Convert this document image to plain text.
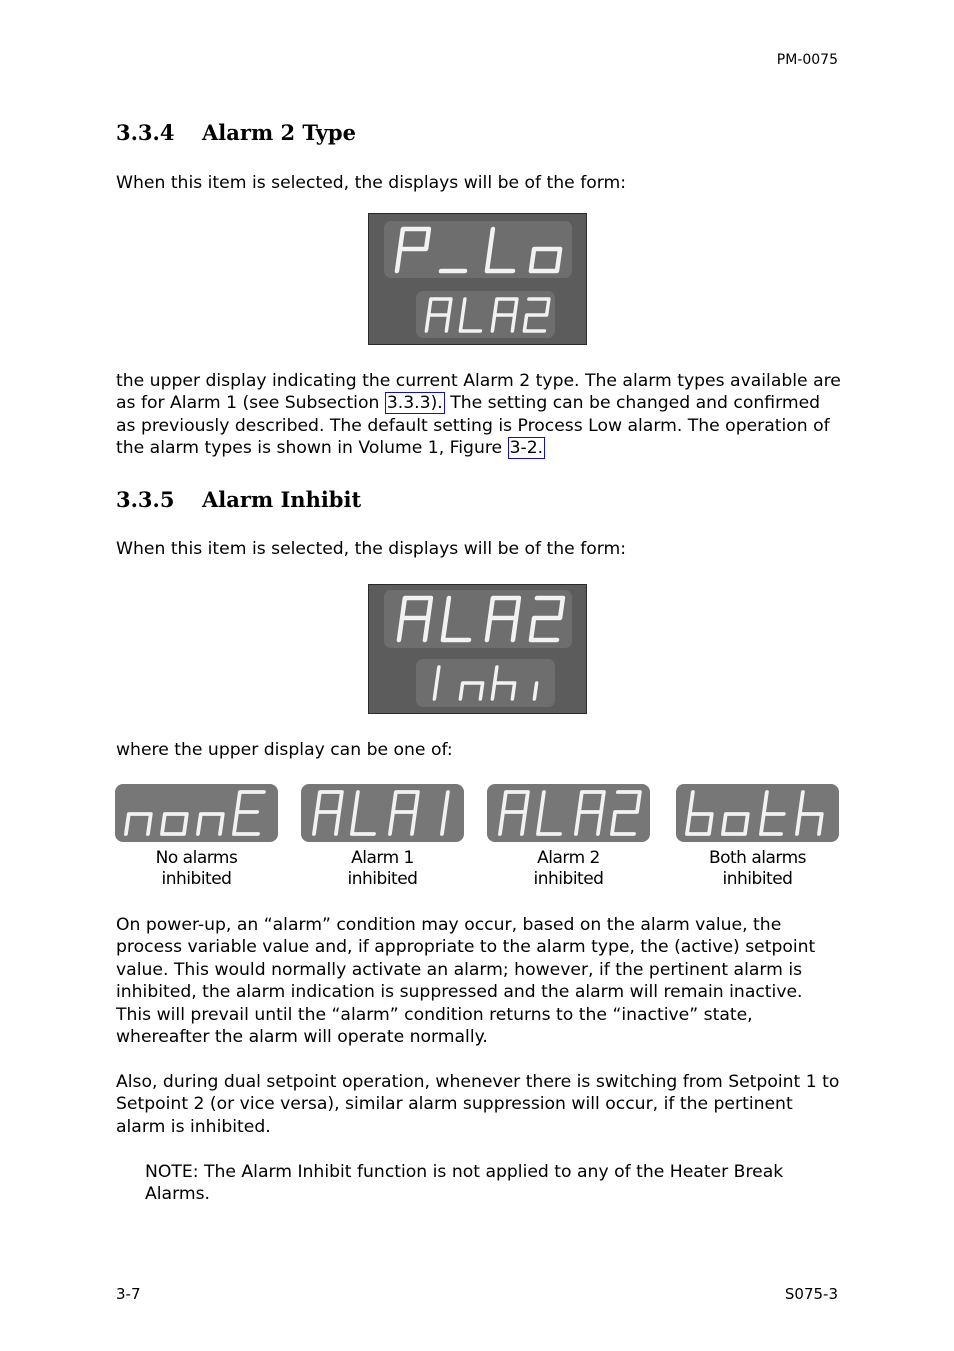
PM-0075
3.3.4 Alarm 2 Type

When this item is selected, the displays will be of the form:

the upper display indicating the current Alarm 2 type. The alarm types available are as for Alarm 1 (see Subsection 3.3.3). The setting can be changed and confirmed as previously described. The default setting is Process Low alarm. The operation of the alarm types is shown in Volume 1, Figure 3-2.

3.3.5 Alarm Inhibit

When this item is selected, the displays will be of the form:

where the upper display can be one of:

No alarms
inhibited
Alarm 1
inhibited
Alarm 2
inhibited
Both alarms
inhibited

On power-up, an “alarm” condition may occur, based on the alarm value, the process variable value and, if appropriate to the alarm type, the (active) setpoint value. This would normally activate an alarm; however, if the pertinent alarm is inhibited, the alarm indication is suppressed and the alarm will remain inactive. This will prevail until the “alarm” condition returns to the “inactive” state, whereafter the alarm will operate normally.

Also, during dual setpoint operation, whenever there is switching from Setpoint 1 to Setpoint 2 (or vice versa), similar alarm suppression will occur, if the pertinent alarm is inhibited.

NOTE: The Alarm Inhibit function is not applied to any of the Heater Break Alarms.

3-7	S075-3
